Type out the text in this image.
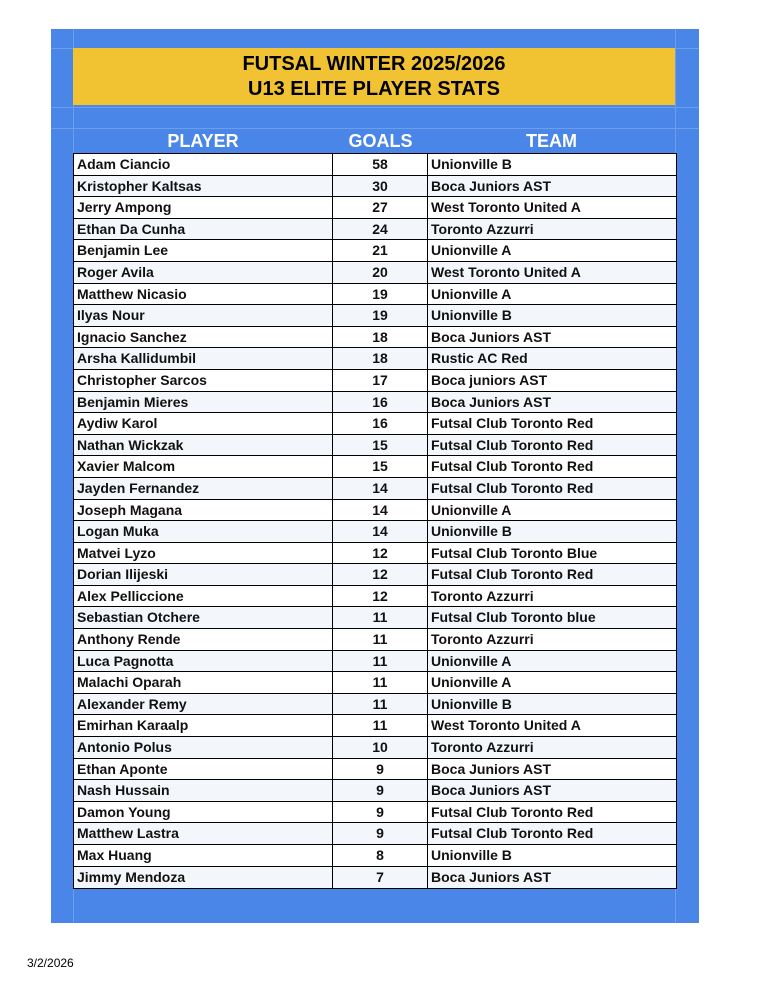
FUTSAL WINTER 2025/2026
U13 ELITE PLAYER STATS
PLAYER	GOALS	TEAM
Adam Ciancio	58	Unionville B
Kristopher Kaltsas	30	Boca Juniors AST
Jerry Ampong	27	West Toronto United A
Ethan Da Cunha	24	Toronto Azzurri
Benjamin Lee	21	Unionville A
Roger Avila	20	West Toronto United A
Matthew Nicasio	19	Unionville A
Ilyas Nour	19	Unionville B
Ignacio Sanchez	18	Boca Juniors AST
Arsha Kallidumbil	18	Rustic AC Red
Christopher Sarcos	17	Boca juniors AST
Benjamin Mieres	16	Boca Juniors AST
Aydiw Karol	16	Futsal Club Toronto Red
Nathan Wickzak	15	Futsal Club Toronto Red
Xavier Malcom	15	Futsal Club Toronto Red
Jayden Fernandez	14	Futsal Club Toronto Red
Joseph Magana	14	Unionville A
Logan Muka	14	Unionville B
Matvei Lyzo	12	Futsal Club Toronto Blue
Dorian Ilijeski	12	Futsal Club Toronto Red
Alex Pelliccione	12	Toronto Azzurri
Sebastian Otchere	11	Futsal Club Toronto blue
Anthony Rende	11	Toronto Azzurri
Luca Pagnotta	11	Unionville A
Malachi Oparah	11	Unionville A
Alexander Remy	11	Unionville B
Emirhan Karaalp	11	West Toronto United A
Antonio Polus	10	Toronto Azzurri
Ethan Aponte	9	Boca Juniors AST
Nash Hussain	9	Boca Juniors AST
Damon Young	9	Futsal Club Toronto Red
Matthew Lastra	9	Futsal Club Toronto Red
Max Huang	8	Unionville B
Jimmy Mendoza	7	Boca Juniors AST
3/2/2026
